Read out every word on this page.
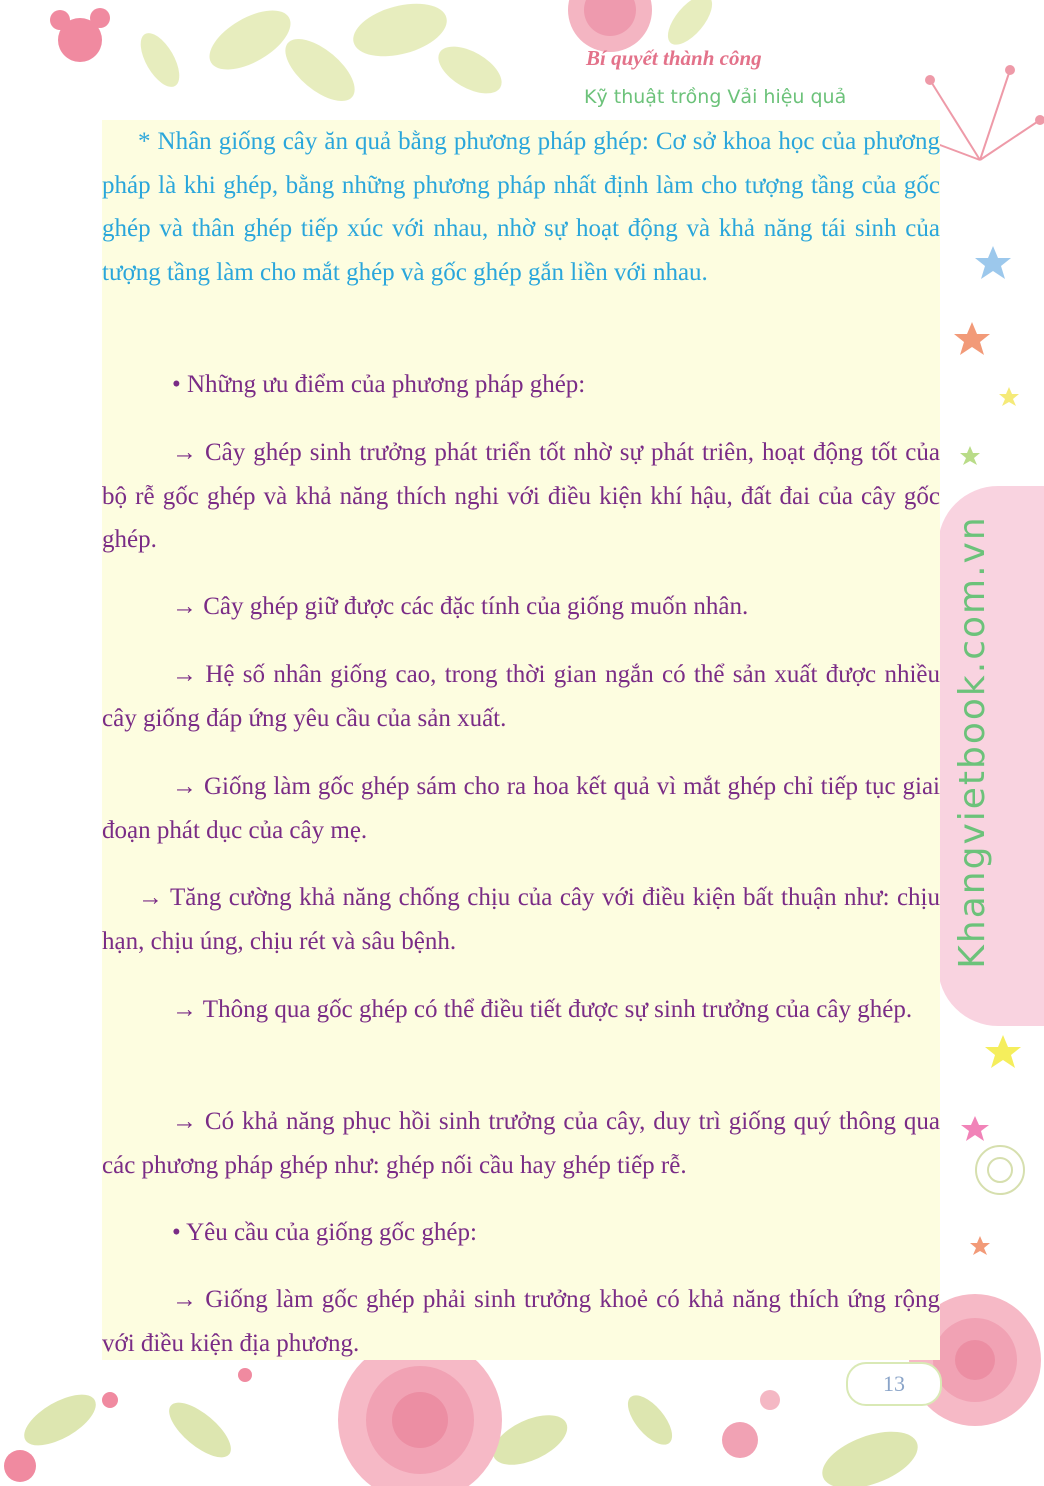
Bí quyết thành công
Kỹ thuật trồng Vải hiệu quả
Khangvietbook.com.vn

* Nhân giống cây ăn quả bằng phương pháp ghép: Cơ sở khoa học của phương pháp là khi ghép, bằng những phương pháp nhất định làm cho tượng tầng của gốc ghép và thân ghép tiếp xúc với nhau, nhờ sự hoạt động và khả năng tái sinh của tượng tầng làm cho mắt ghép và gốc ghép gắn liền với nhau.

• Những ưu điểm của phương pháp ghép:

→ Cây ghép sinh trưởng phát triển tốt nhờ sự phát triên, hoạt động tốt của bộ rễ gốc ghép và khả năng thích nghi với điều kiện khí hậu, đất đai của cây gốc ghép.

→ Cây ghép giữ được các đặc tính của giống muốn nhân.

→ Hệ số nhân giống cao, trong thời gian ngắn có thể sản xuất được nhiều cây giống đáp ứng yêu cầu của sản xuất.

→ Giống làm gốc ghép sám cho ra hoa kết quả vì mắt ghép chỉ tiếp tục giai đoạn phát dục của cây mẹ.

→ Tăng cường khả năng chống chịu của cây với điều kiện bất thuận như: chịu hạn, chịu úng, chịu rét và sâu bệnh.

→ Thông qua gốc ghép có thể điều tiết được sự sinh trưởng của cây ghép.

→ Có khả năng phục hồi sinh trưởng của cây, duy trì giống quý thông qua các phương pháp ghép như: ghép nối cầu hay ghép tiếp rễ.

• Yêu cầu của giống gốc ghép:

→ Giống làm gốc ghép phải sinh trưởng khoẻ có khả năng thích ứng rộng với điều kiện địa phương.

13
